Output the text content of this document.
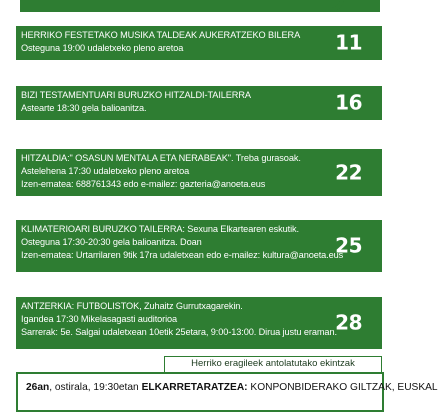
HERRIKO FESTETAKO MUSIKA TALDEAK AUKERATZEKO BILERA
Osteguna 19:00 udaletxeko pleno aretoa	11
BIZI TESTAMENTUARI BURUZKO HITZALDI-TAILERRA
Astearte 18:30 gela balioanitza.	16
HITZALDIA:" OSASUN MENTALA ETA NERABEAK". Treba gurasoak.
Astelehena 17:30 udaletxeko pleno aretoa
Izen-ematea: 688761343 edo e-mailez: gazteria@anoeta.eus	22
KLIMATERIOARI BURUZKO TAILERRA: Sexuna Elkartearen eskutik.
Osteguna 17:30-20:30 gela balioanitza. Doan
Izen-ematea: Urtarrilaren 9tik 17ra udaletxean edo e-mailez: kultura@anoeta.eus
25
ANTZERKIA: FUTBOLISTOK, Zuhaitz Gurrutxagarekin.
Igandea 17:30 Mikelasagasti auditorioa
Sarrerak: 5e. Salgai udaletxean 10etik 25etara, 9:00-13:00. Dirua justu eraman.
28
Herriko eragileek antolatutako ekintzak
26an, ostirala, 19:30etan ELKARRETARATZEA: KONPONBIDERAKO GILTZAK, EUSKAL
